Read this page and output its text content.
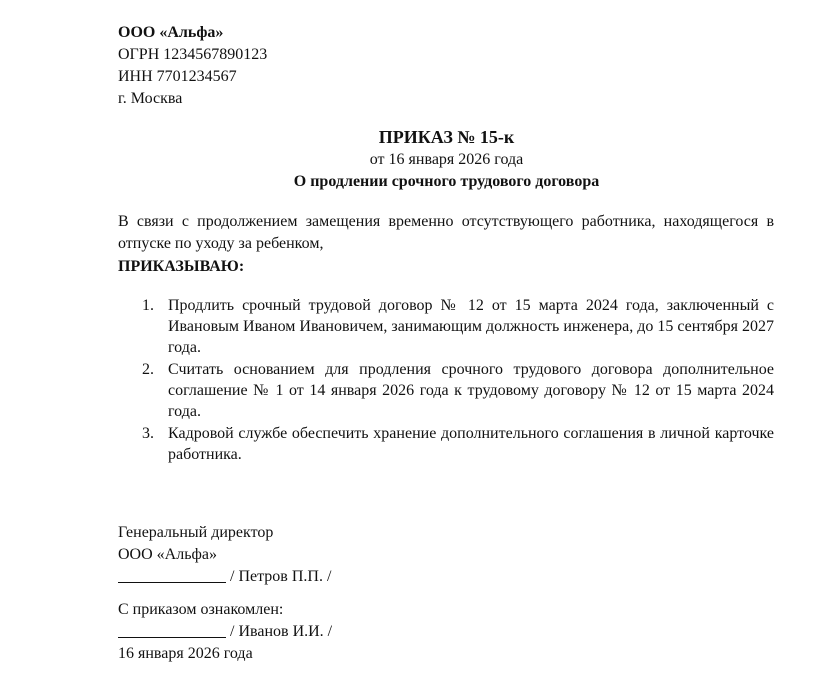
ООО «Альфа»
ОГРН 1234567890123
ИНН 7701234567
г. Москва
ПРИКАЗ № 15-к
от 16 января 2026 года
О продлении срочного трудового договора
В связи с продолжением замещения временно отсутствующего работника, находящегося в отпуске по уходу за ребенком,
ПРИКАЗЫВАЮ:
1. Продлить срочный трудовой договор № 12 от 15 марта 2024 года, заключенный с Ивановым Иваном Ивановичем, занимающим должность инженера, до 15 сентября 2027 года.
2. Считать основанием для продления срочного трудового договора дополнительное соглашение № 1 от 14 января 2026 года к трудовому договору № 12 от 15 марта 2024 года.
3. Кадровой службе обеспечить хранение дополнительного соглашения в личной карточке работника.
Генеральный директор
ООО «Альфа»
/ Петров П.П. /
С приказом ознакомлен:
/ Иванов И.И. /
16 января 2026 года
